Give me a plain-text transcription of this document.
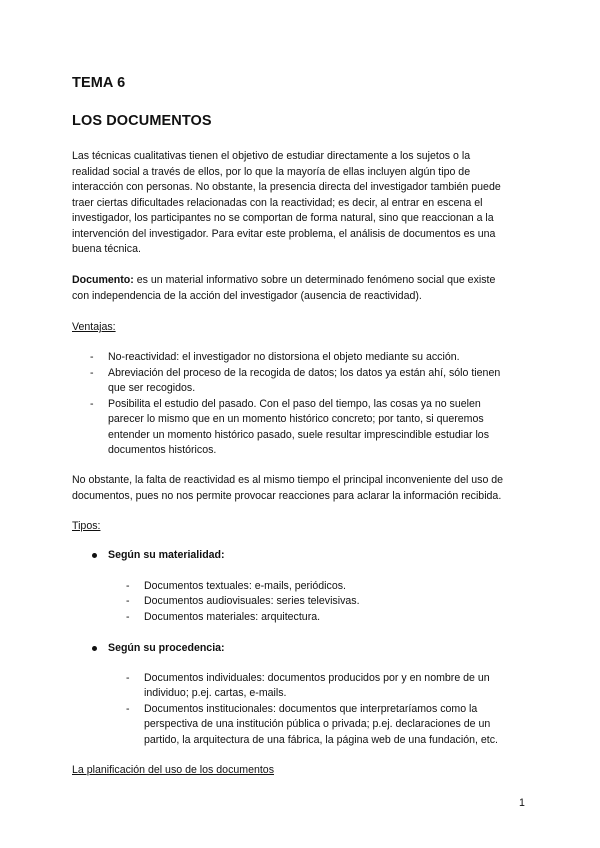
TEMA 6
LOS DOCUMENTOS
Las técnicas cualitativas tienen el objetivo de estudiar directamente a los sujetos o la
realidad social a través de ellos, por lo que la mayoría de ellas incluyen algún tipo de
interacción con personas. No obstante, la presencia directa del investigador también puede
traer ciertas dificultades relacionadas con la reactividad; es decir, al entrar en escena el
investigador, los participantes no se comportan de forma natural, sino que reaccionan a la
intervención del investigador. Para evitar este problema, el análisis de documentos es una
buena técnica.
Documento: es un material informativo sobre un determinado fenómeno social que existe
con independencia de la acción del investigador (ausencia de reactividad).
Ventajas:
- No-reactividad: el investigador no distorsiona el objeto mediante su acción.
- Abreviación del proceso de la recogida de datos; los datos ya están ahí, sólo tienen
que ser recogidos.
- Posibilita el estudio del pasado. Con el paso del tiempo, las cosas ya no suelen
parecer lo mismo que en un momento histórico concreto; por tanto, si queremos
entender un momento histórico pasado, suele resultar imprescindible estudiar los
documentos históricos.
No obstante, la falta de reactividad es al mismo tiempo el principal inconveniente del uso de
documentos, pues no nos permite provocar reacciones para aclarar la información recibida.
Tipos:
Según su materialidad:
- Documentos textuales: e-mails, periódicos.
- Documentos audiovisuales: series televisivas.
- Documentos materiales: arquitectura.
Según su procedencia:
- Documentos individuales: documentos producidos por y en nombre de un
individuo; p.ej. cartas, e-mails.
- Documentos institucionales: documentos que interpretaríamos como la
perspectiva de una institución pública o privada; p.ej. declaraciones de un
partido, la arquitectura de una fábrica, la página web de una fundación, etc.
La planificación del uso de los documentos
1
